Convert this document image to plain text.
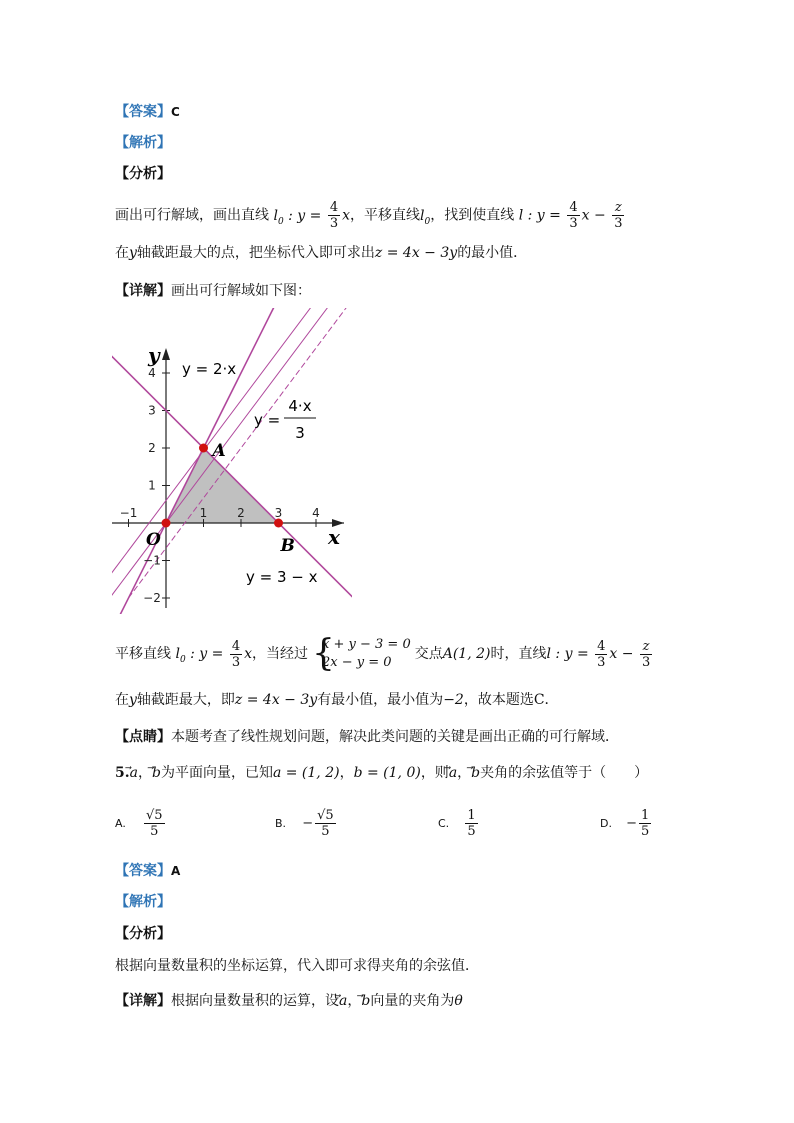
【答案】C
【解析】
【分析】
画出可行解域，画出直线 $l_0$ : $y = \frac{4}{3}$ x，平移直线$l_0$，找到使直线 l : $y = \frac{4}{3}$ $x - \frac{z}{3}$
在y轴截距最大的点，把坐标代入即可求出z = 4x − 3y的最小值．
【详解】画出可行解域如下图：
4
3
2
1
−1
−2
−1	1 2 3 4
y
x
A
B
O
y = 2·x
y =
4·x
3
y = 3 − x
平移直线 $l_0$ : $y = \frac{4}{3}$ x，当经过 {
x + y − 3 = 0
2x − y = 0
交点A(1, 2)时，直线l : $y = \frac{4}{3}$ $x - \frac{z}{3}$
在y轴截距最大，即z = 4x − 3y有最小值，最小值为−2，故本题选C．
【点睛】本题考查了线性规划问题，解决此类问题的关键是画出正确的可行解域．
5.a，b为平面向量，已知a = (1, 2)，b = (1, 0)，则a，b夹角的余弦值等于（　　）
A. $\frac{√5}{5}$	B. − $\frac{√5}{5}$	C. $\frac{1}{5}$	D. − $\frac{1}{5}$
【答案】A
【解析】
【分析】
根据向量数量积的坐标运算，代入即可求得夹角的余弦值．
【详解】根据向量数量积的运算，设a，b向量的夹角为θ
